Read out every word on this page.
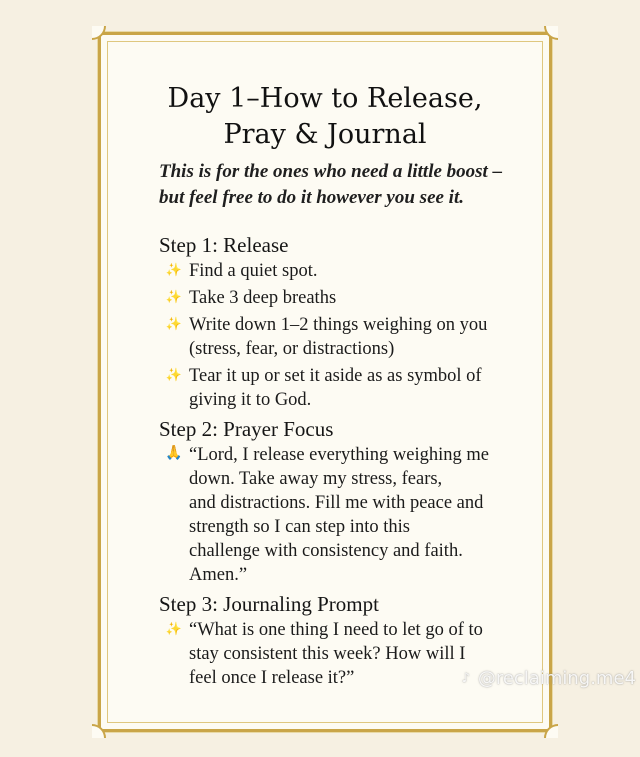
Day 1–How to Release,
Pray & Journal
This is for the ones who need a little boost –
but feel free to do it however you see it.
Step 1: Release
✨ Find a quiet spot.
✨ Take 3 deep breaths
✨ Write down 1–2 things weighing on you
(stress, fear, or distractions)
✨ Tear it up or set it aside as as symbol of
giving it to God.
Step 2: Prayer Focus
🙏 “Lord, I release everything weighing me
down. Take away my stress, fears,
and distractions. Fill me with peace and
strength so I can step into this
challenge with consistency and faith.
Amen.”
Step 3: Journaling Prompt
✨ “What is one thing I need to let go of to
stay consistent this week? How will I
feel once I release it?”	♪ @reclaiming.me4
